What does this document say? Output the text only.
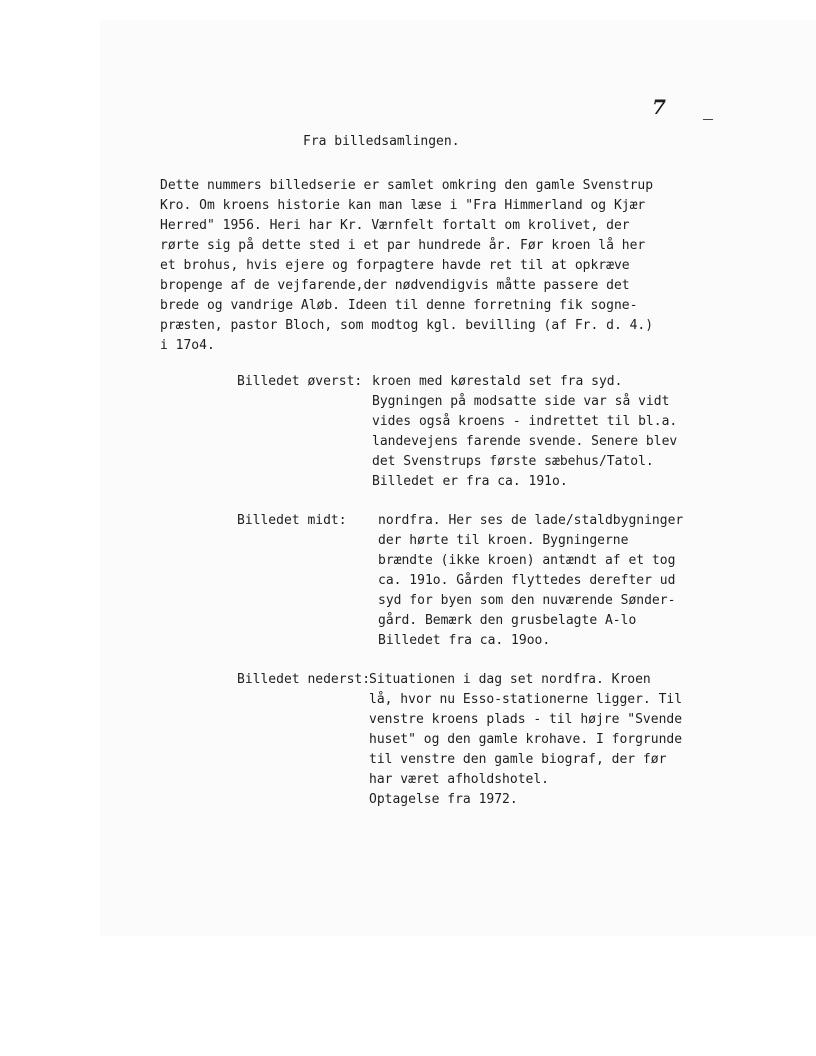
7
Fra billedsamlingen.
Dette nummers billedserie er samlet omkring den gamle Svenstrup
Kro. Om kroens historie kan man læse i "Fra Himmerland og Kjær
Herred" 1956. Heri har Kr. Værnfelt fortalt om krolivet, der
rørte sig på dette sted i et par hundrede år. Før kroen lå her
et brohus, hvis ejere og forpagtere havde ret til at opkræve
bropenge af de vejfarende,der nødvendigvis måtte passere det
brede og vandrige Aløb. Ideen til denne forretning fik sogne-
præsten, pastor Bloch, som modtog kgl. bevilling (af Fr. d. 4.)
i 17o4.
Billedet øverst: kroen med kørestald set fra syd.
Bygningen på modsatte side var så vidt
vides også kroens - indrettet til bl.a.
landevejens farende svende. Senere blev
det Svenstrups første sæbehus/Tatol.
Billedet er fra ca. 191o.
Billedet midt: nordfra. Her ses de lade/staldbygninger
der hørte til kroen. Bygningerne
brændte (ikke kroen) antændt af et tog
ca. 191o. Gården flyttedes derefter ud
syd for byen som den nuværende Sønder-
gård. Bemærk den grusbelagte A-lo
Billedet fra ca. 19oo.
Billedet nederst:
Situationen i dag set nordfra. Kroen
lå, hvor nu Esso-stationerne ligger. Til
venstre kroens plads - til højre "Svende
huset" og den gamle krohave. I forgrunde
til venstre den gamle biograf, der før
har været afholdshotel.
Optagelse fra 1972.
